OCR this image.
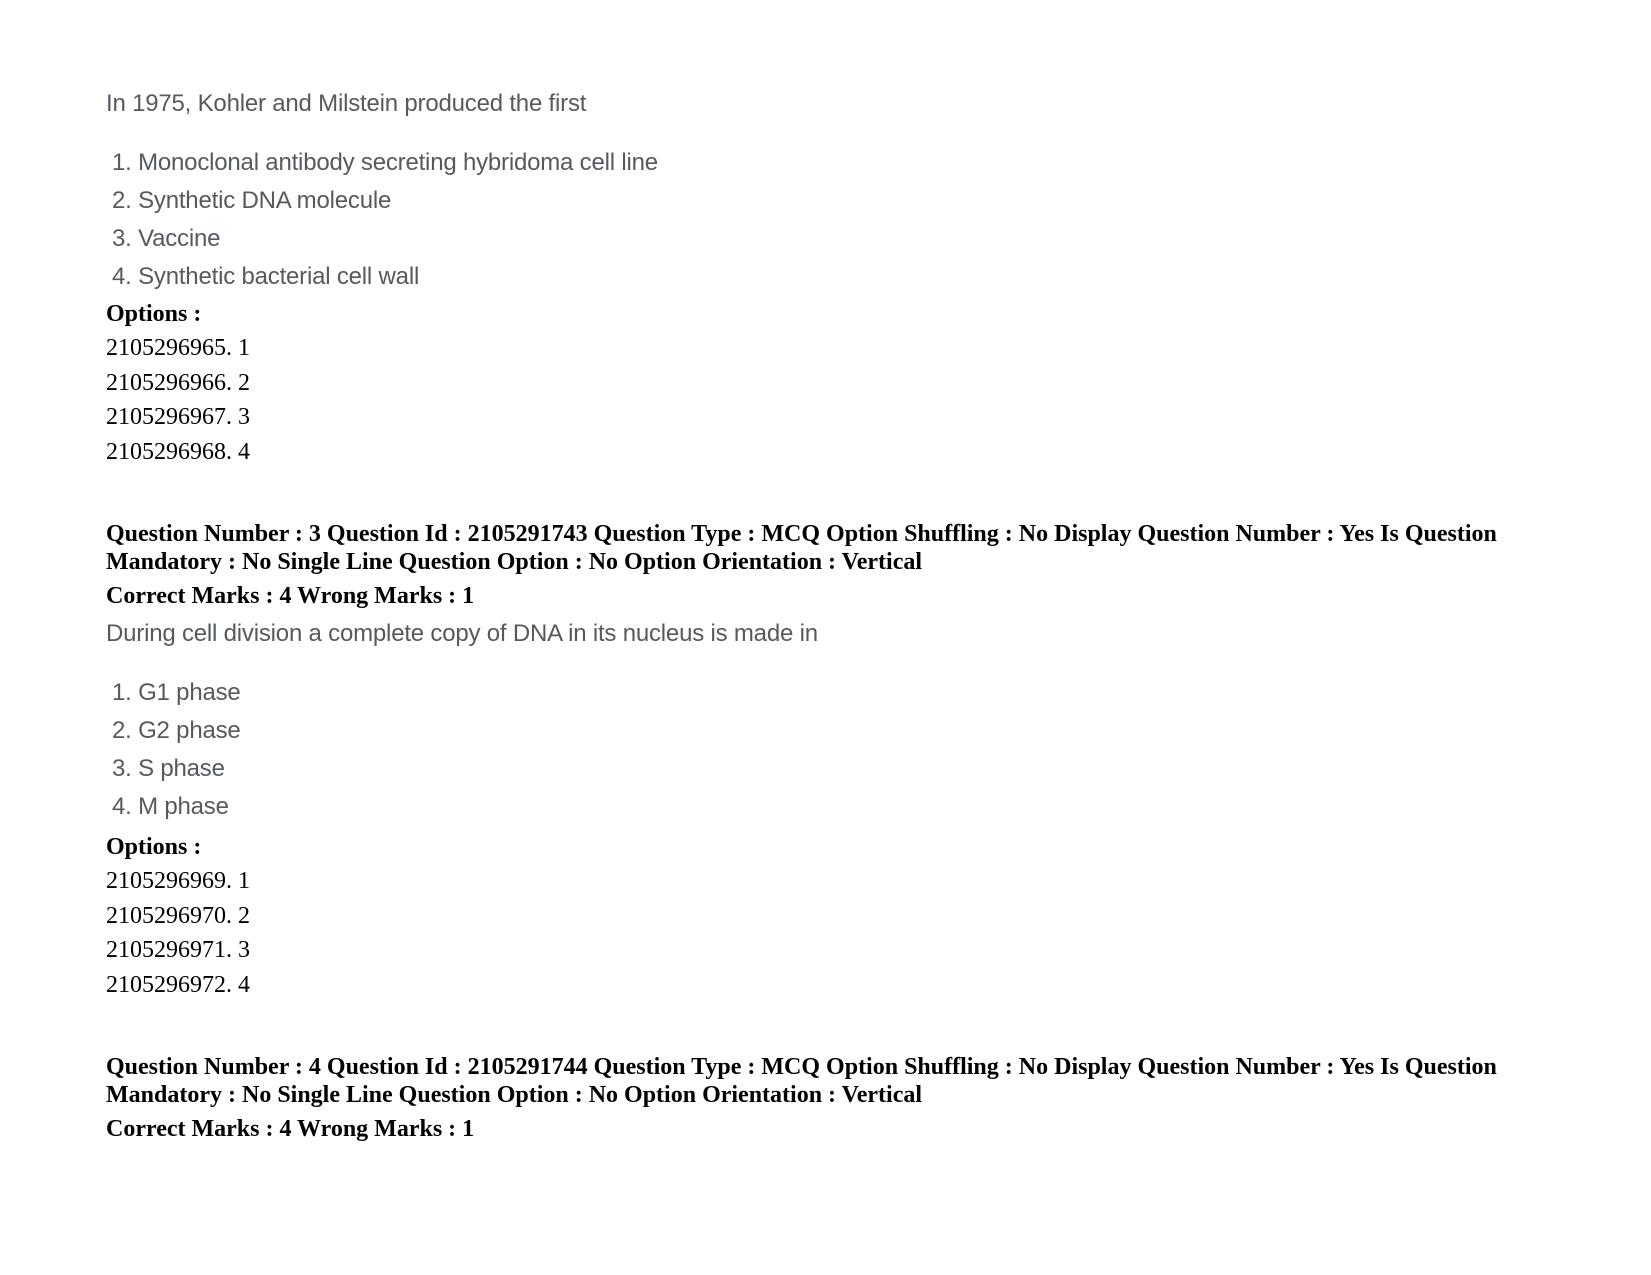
In 1975, Kohler and Milstein produced the first
1. Monoclonal antibody secreting hybridoma cell line
2. Synthetic DNA molecule
3. Vaccine
4. Synthetic bacterial cell wall
Options :
2105296965. 1
2105296966. 2
2105296967. 3
2105296968. 4
Question Number : 3 Question Id : 2105291743 Question Type : MCQ Option Shuffling : No Display Question Number : Yes Is Question Mandatory : No Single Line Question Option : No Option Orientation : Vertical
Correct Marks : 4 Wrong Marks : 1
During cell division a complete copy of DNA in its nucleus is made in
1. G1 phase
2. G2 phase
3. S phase
4. M phase
Options :
2105296969. 1
2105296970. 2
2105296971. 3
2105296972. 4
Question Number : 4 Question Id : 2105291744 Question Type : MCQ Option Shuffling : No Display Question Number : Yes Is Question Mandatory : No Single Line Question Option : No Option Orientation : Vertical
Correct Marks : 4 Wrong Marks : 1
